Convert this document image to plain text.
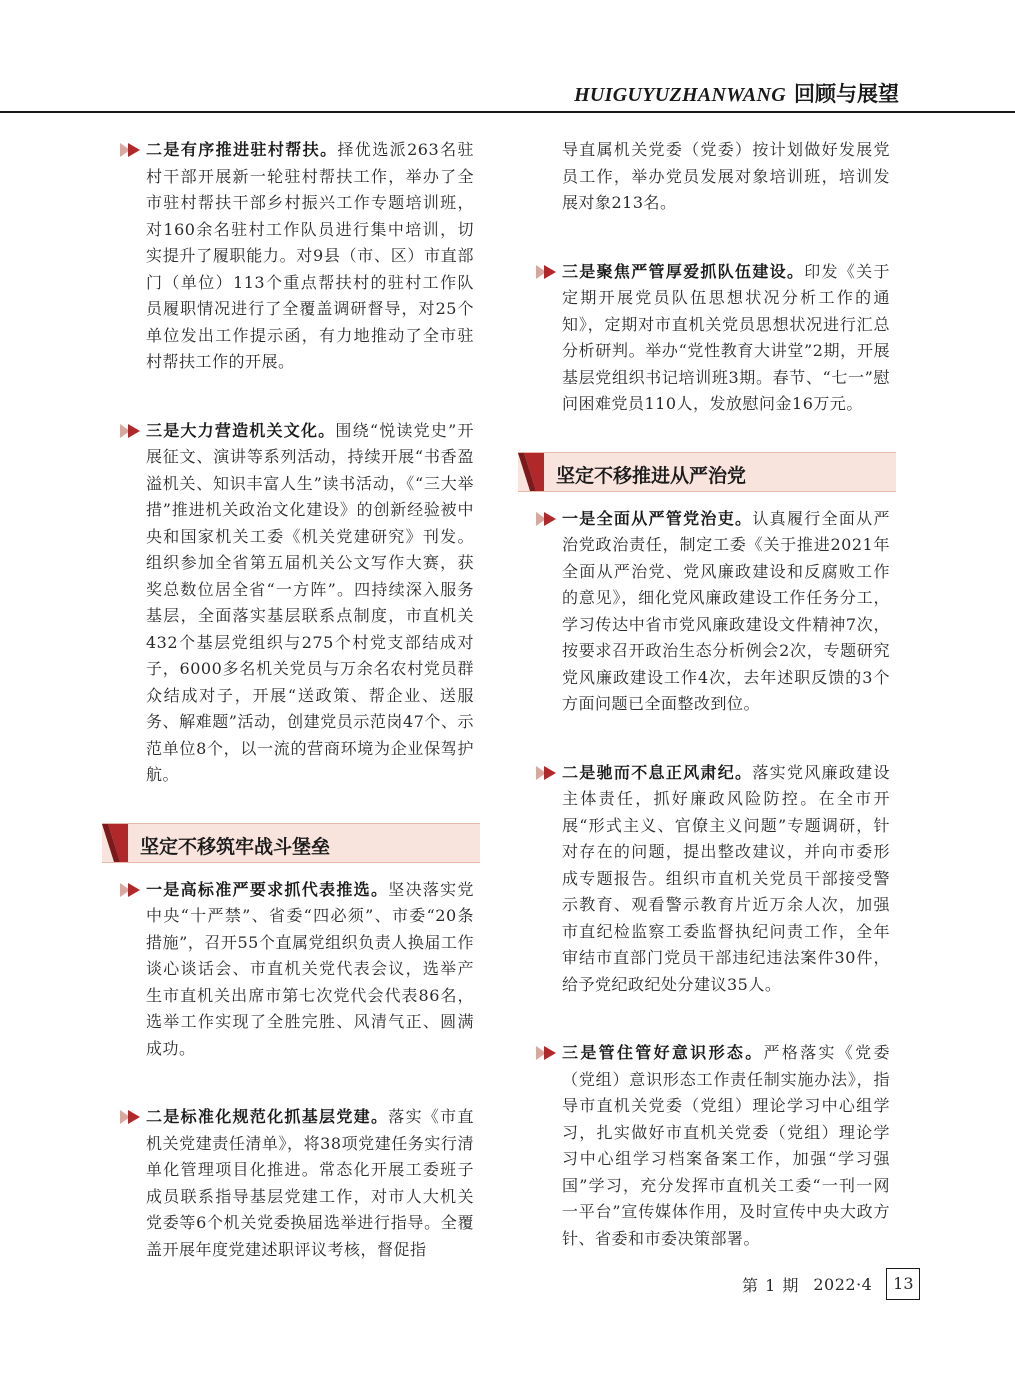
HUIGUYUZHANWANG 回顾与展望
二是有序推进驻村帮扶。择优选派263名驻村干部开展新一轮驻村帮扶工作，举办了全市驻村帮扶干部乡村振兴工作专题培训班，对160余名驻村工作队员进行集中培训，切实提升了履职能力。对9县（市、区）市直部门（单位）113个重点帮扶村的驻村工作队员履职情况进行了全覆盖调研督导，对25个单位发出工作提示函，有力地推动了全市驻村帮扶工作的开展。
三是大力营造机关文化。围绕“悦读党史”开展征文、演讲等系列活动，持续开展“书香盈溢机关、知识丰富人生”读书活动，《“三大举措”推进机关政治文化建设》的创新经验被中央和国家机关工委《机关党建研究》刊发。组织参加全省第五届机关公文写作大赛，获奖总数位居全省“一方阵”。四持续深入服务基层，全面落实基层联系点制度，市直机关432个基层党组织与275个村党支部结成对子，6000多名机关党员与万余名农村党员群众结成对子，开展“送政策、帮企业、送服务、解难题”活动，创建党员示范岗47个、示范单位8个，以一流的营商环境为企业保驾护航。
坚定不移筑牢战斗堡垒
一是高标准严要求抓代表推选。坚决落实党中央“十严禁”、省委“四必须”、市委“20条措施”，召开55个直属党组织负责人换届工作谈心谈话会、市直机关党代表会议，选举产生市直机关出席市第七次党代会代表86名，选举工作实现了全胜完胜、风清气正、圆满成功。
二是标准化规范化抓基层党建。落实《市直机关党建责任清单》，将38项党建任务实行清单化管理项目化推进。常态化开展工委班子成员联系指导基层党建工作，对市人大机关党委等6个机关党委换届选举进行指导。全覆盖开展年度党建述职评议考核，督促指
导直属机关党委（党委）按计划做好发展党员工作，举办党员发展对象培训班，培训发展对象213名。
三是聚焦严管厚爱抓队伍建设。印发《关于定期开展党员队伍思想状况分析工作的通知》，定期对市直机关党员思想状况进行汇总分析研判。举办“党性教育大讲堂”2期，开展基层党组织书记培训班3期。春节、“七一”慰问困难党员110人，发放慰问金16万元。
坚定不移推进从严治党
一是全面从严管党治吏。认真履行全面从严治党政治责任，制定工委《关于推进2021年全面从严治党、党风廉政建设和反腐败工作的意见》，细化党风廉政建设工作任务分工，学习传达中省市党风廉政建设文件精神7次，按要求召开政治生态分析例会2次，专题研究党风廉政建设工作4次，去年述职反馈的3个方面问题已全面整改到位。
二是驰而不息正风肃纪。落实党风廉政建设主体责任，抓好廉政风险防控。在全市开展“形式主义、官僚主义问题”专题调研，针对存在的问题，提出整改建议，并向市委形成专题报告。组织市直机关党员干部接受警示教育、观看警示教育片近万余人次，加强市直纪检监察工委监督执纪问责工作，全年审结市直部门党员干部违纪违法案件30件，给予党纪政纪处分建议35人。
三是管住管好意识形态。严格落实《党委（党组）意识形态工作责任制实施办法》，指导市直机关党委（党组）理论学习中心组学习，扎实做好市直机关党委（党组）理论学习中心组学习档案备案工作，加强“学习强国”学习，充分发挥市直机关工委“一刊一网一平台”宣传媒体作用，及时宣传中央大政方针、省委和市委决策部署。
第 1 期 2022·4	13
